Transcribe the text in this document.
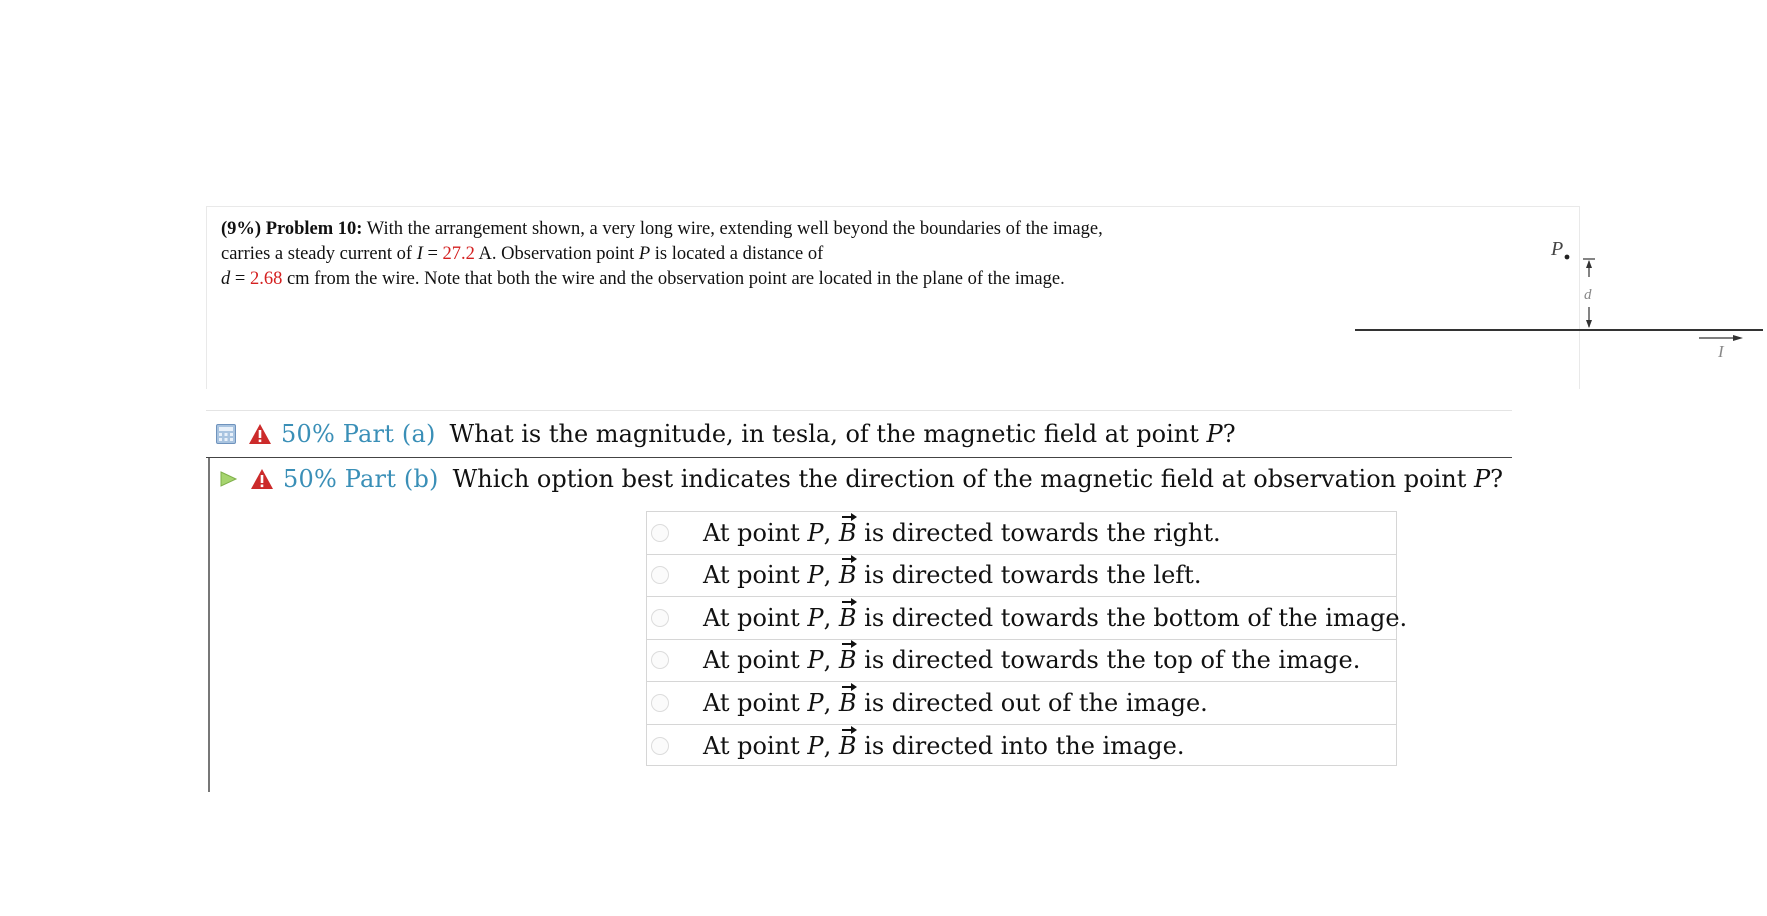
(9%) Problem 10: With the arrangement shown, a very long wire, extending well beyond the boundaries of the image, carries a steady current of I = 27.2 A. Observation point P is located a distance of
d = 2.68 cm from the wire. Note that both the wire and the observation point are located in the plane of the image.
P
d
I
50% Part (a) What is the magnitude, in tesla, of the magnetic field at point P?
50% Part (b) Which option best indicates the direction of the magnetic field at observation point P?
At point P, B is directed towards the right.
At point P, B is directed towards the left.
At point P, B is directed towards the bottom of the image.
At point P, B is directed towards the top of the image.
At point P, B is directed out of the image.
At point P, B is directed into the image.
